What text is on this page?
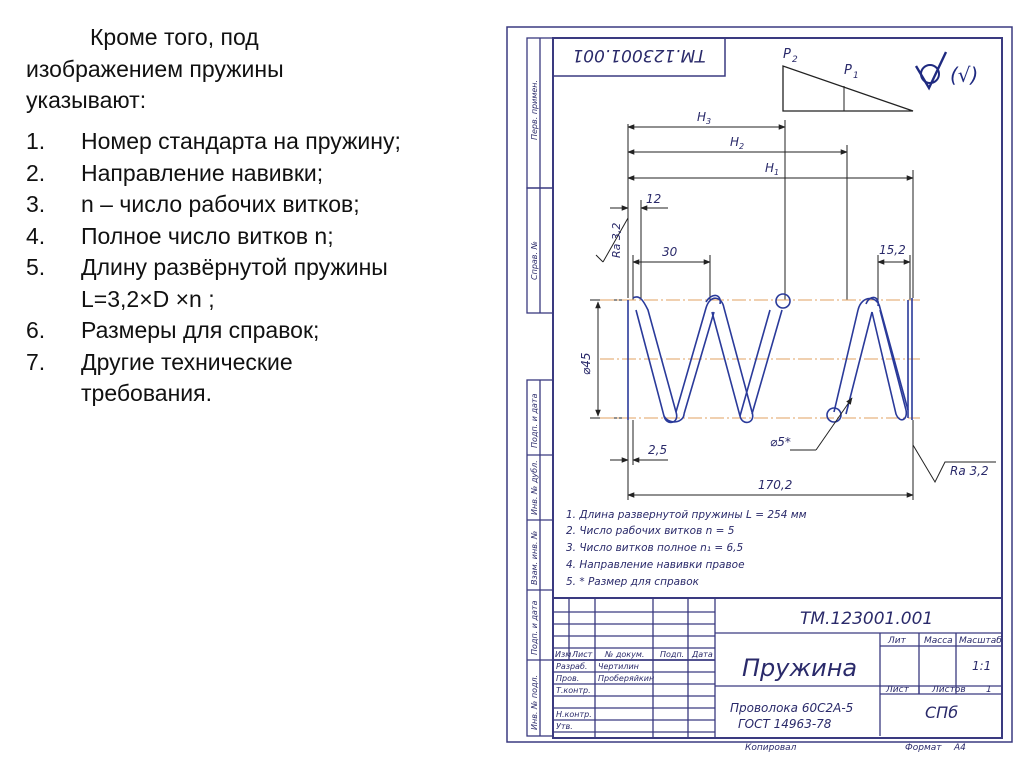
Кроме того, под
изображением пружины
указывают:
1.	Номер стандарта на пружину;
2.	Направление навивки;
3.	n – число рабочих витков;
4.	Полное число витков n;
5.	Длину развёрнутой пружины
L=3,2×D ×n ;
6.	Размеры для справок;
7.	Другие технические
требования.
Перв. примен.
Справ. №
Подп. и дата
Инв. № дубл.
Взам. инв. №
Подп. и дата
Инв. № подл.
ТМ.123001.001	P 2
P 1	(√)
H 3
H 2
H 1
12
30	15,2
Ra 3,2
⌀45
⌀5*
2,5
170,2
Ra 3,2
1. Длина развернутой пружины L = 254 мм
2. Число рабочих витков n = 5
3. Число витков полное n₁ = 6,5
4. Направление навивки правое
5. * Размер для справок
ТМ.123001.001
Пружина
Проволока 60С2А-5
ГОСТ 14963-78
СПб
Лит Масса Масштаб
1:1
Лист	Листов 1
Копировал	Формат А4
Изм Лист № докум. Подп. Дата
Разраб. Чертилин
Пров. Проберяйкин
Т.контр.
Н.контр.
Утв.
